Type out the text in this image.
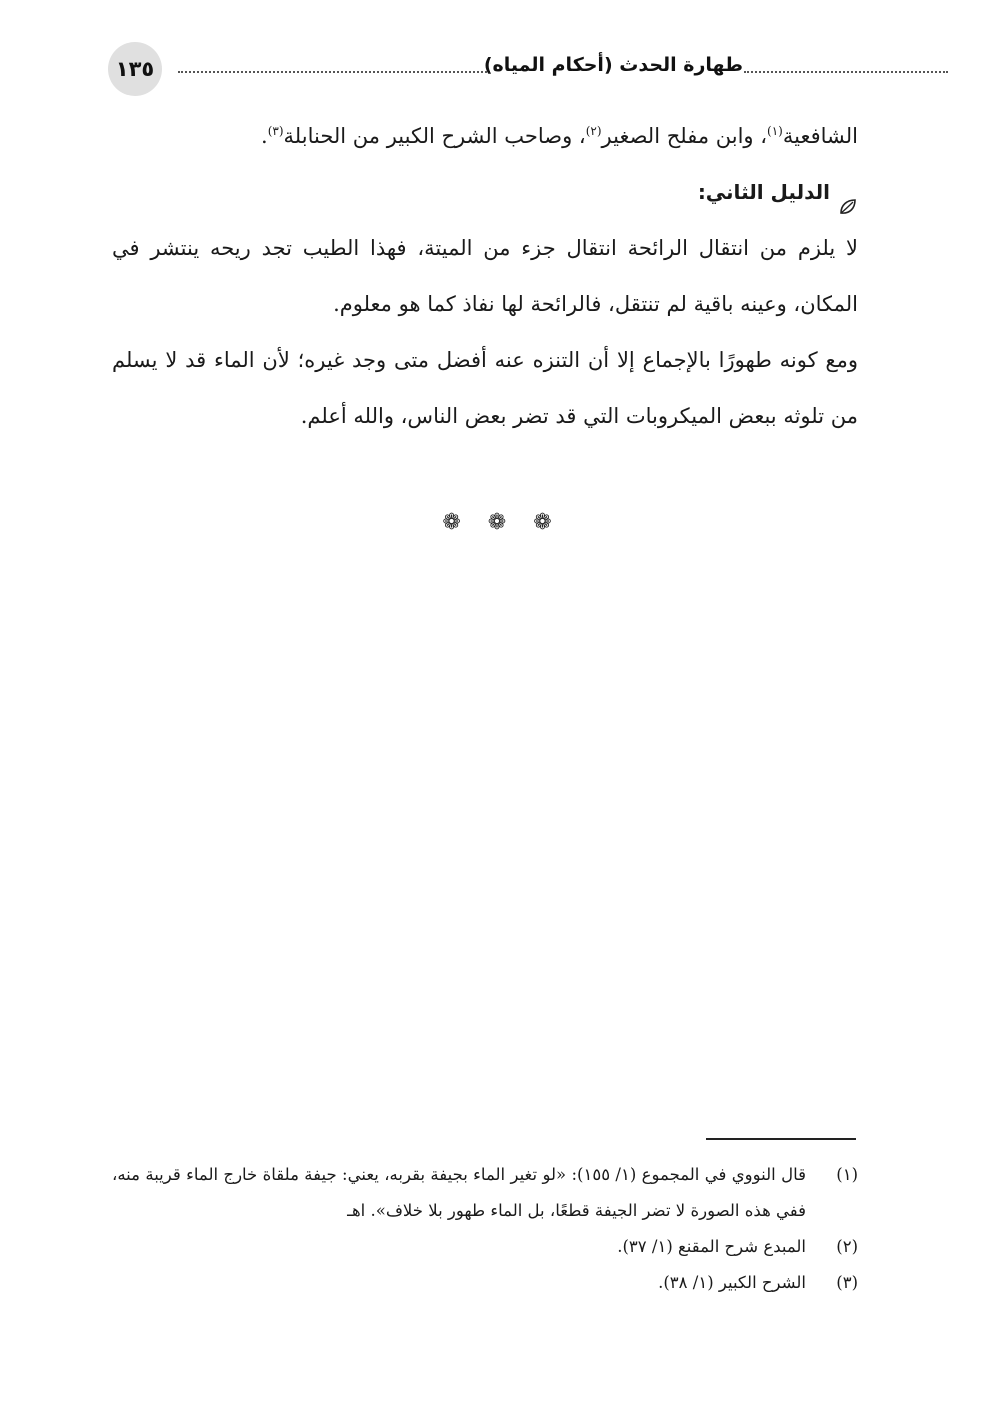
١٣٥	طهارة الحدث (أحكام المياه)

الشافعية$^{(١)}$، وابن مفلح الصغير$^{(٢)}$، وصاحب الشرح الكبير من الحنابلة$^{(٣)}$.

الدليل الثاني:

لا يلزم من انتقال الرائحة انتقال جزء من الميتة، فهذا الطيب تجد ريحه ينتشر في المكان، وعينه باقية لم تنتقل، فالرائحة لها نفاذ كما هو معلوم.

ومع كونه طهورًا بالإجماع إلا أن التنزه عنه أفضل متى وجد غيره؛ لأن الماء قد لا يسلم من تلوثه ببعض الميكروبات التي قد تضر بعض الناس، والله أعلم.

❁ ❁ ❁
(١)
قال النووي في المجموع (١/ ١٥٥): «لو تغير الماء بجيفة بقربه، يعني: جيفة ملقاة خارج الماء قريبة منه، ففي هذه الصورة لا تضر الجيفة قطعًا، بل الماء طهور بلا خلاف». اهـ
(٢)
المبدع شرح المقنع (١/ ٣٧).
(٣)
الشرح الكبير (١/ ٣٨).
